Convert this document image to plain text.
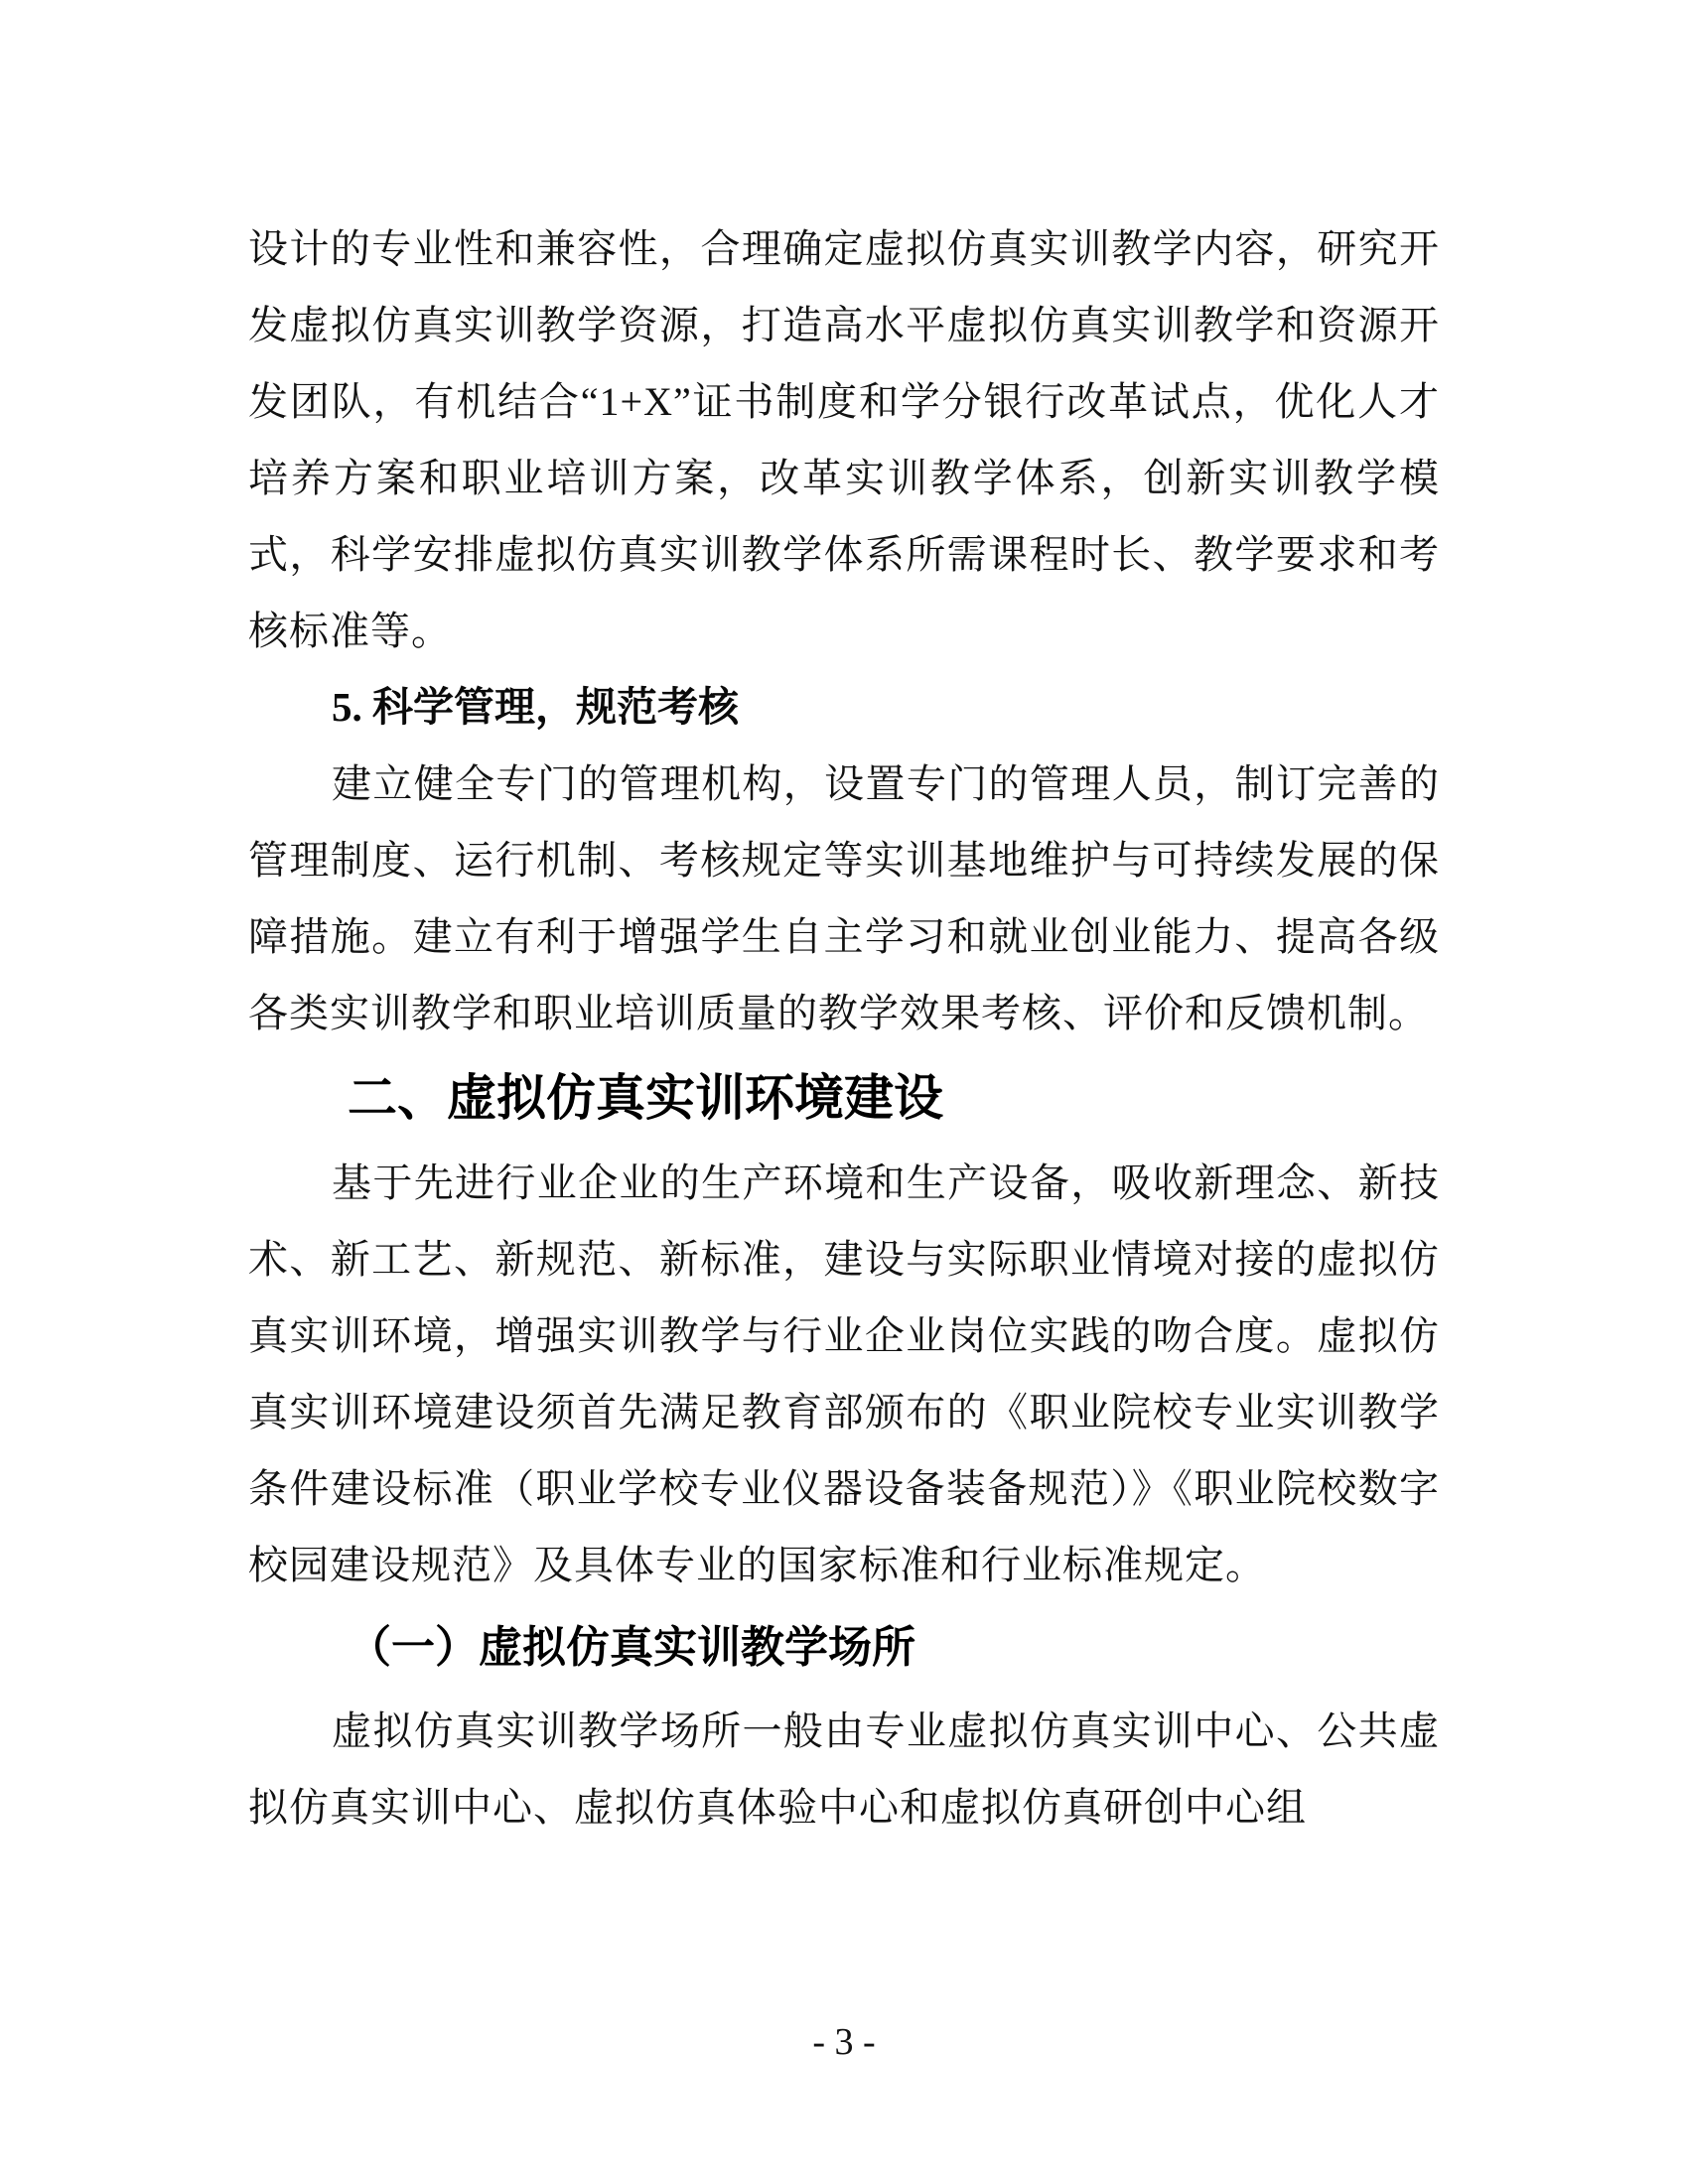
设计的专业性和兼容性，合理确定虚拟仿真实训教学内容，研究开发虚拟仿真实训教学资源，打造高水平虚拟仿真实训教学和资源开发团队，有机结合“1+X”证书制度和学分银行改革试点，优化人才培养方案和职业培训方案，改革实训教学体系，创新实训教学模式，科学安排虚拟仿真实训教学体系所需课程时长、教学要求和考核标准等。

5. 科学管理，规范考核

建立健全专门的管理机构，设置专门的管理人员，制订完善的管理制度、运行机制、考核规定等实训基地维护与可持续发展的保障措施。建立有利于增强学生自主学习和就业创业能力、提高各级各类实训教学和职业培训质量的教学效果考核、评价和反馈机制。

二、虚拟仿真实训环境建设

基于先进行业企业的生产环境和生产设备，吸收新理念、新技术、新工艺、新规范、新标准，建设与实际职业情境对接的虚拟仿真实训环境，增强实训教学与行业企业岗位实践的吻合度。虚拟仿真实训环境建设须首先满足教育部颁布的《职业院校专业实训教学条件建设标准（职业学校专业仪器设备装备规范）》《职业院校数字校园建设规范》及具体专业的国家标准和行业标准规定。

（一）虚拟仿真实训教学场所

虚拟仿真实训教学场所一般由专业虚拟仿真实训中心、公共虚拟仿真实训中心、虚拟仿真体验中心和虚拟仿真研创中心组

- 3 -
